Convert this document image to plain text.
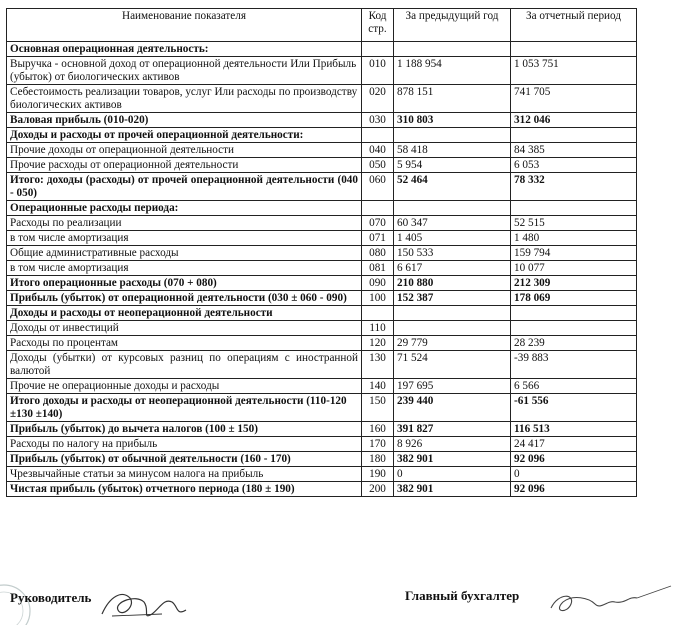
Наименование показателя	Код стр.	За предыдущий год	За отчетный период
Основная операционная деятельность:			
Выручка - основной доход от операционной деятельности Или Прибыль (убыток) от биологических активов	010	1 188 954	1 053 751
Себестоимость реализации товаров, услуг Или расходы по производству биологических активов	020	878 151	741 705
Валовая прибыль (010-020)	030	310 803	312 046
Доходы и расходы от прочей операционной деятельности:			
Прочие доходы от операционной деятельности	040	58 418	84 385
Прочие расходы от операционной деятельности	050	5 954	6 053
Итого: доходы (расходы) от прочей операционной деятельности (040 - 050)	060	52 464	78 332
Операционные расходы периода:			
Расходы по реализации	070	60 347	52 515
в том числе амортизация	071	1 405	1 480
Общие административные расходы	080	150 533	159 794
в том числе амортизация	081	6 617	10 077
Итого операционные расходы (070 + 080)	090	210 880	212 309
Прибыль (убыток) от операционной деятельности (030 ± 060 - 090)	100	152 387	178 069
Доходы и расходы от неоперационной деятельности			
Доходы от инвестиций	110		
Расходы по процентам	120	29 779	28 239
Доходы (убытки) от курсовых разниц по операциям с иностранной валютой	130	71 524	-39 883
Прочие не операционные доходы и расходы	140	197 695	6 566
Итого доходы и расходы от неоперационной деятельности (110-120 ±130 ±140)	150	239 440	-61 556
Прибыль (убыток) до вычета налогов (100 ± 150)	160	391 827	116 513
Расходы по налогу на прибыль	170	8 926	24 417
Прибыль (убыток) от обычной деятельности (160 - 170)	180	382 901	92 096
Чрезвычайные статьи за минусом налога на прибыль	190	0	0
Чистая прибыль (убыток) отчетного периода (180 ± 190)	200	382 901	92 096
Руководитель	Главный бухгалтер
